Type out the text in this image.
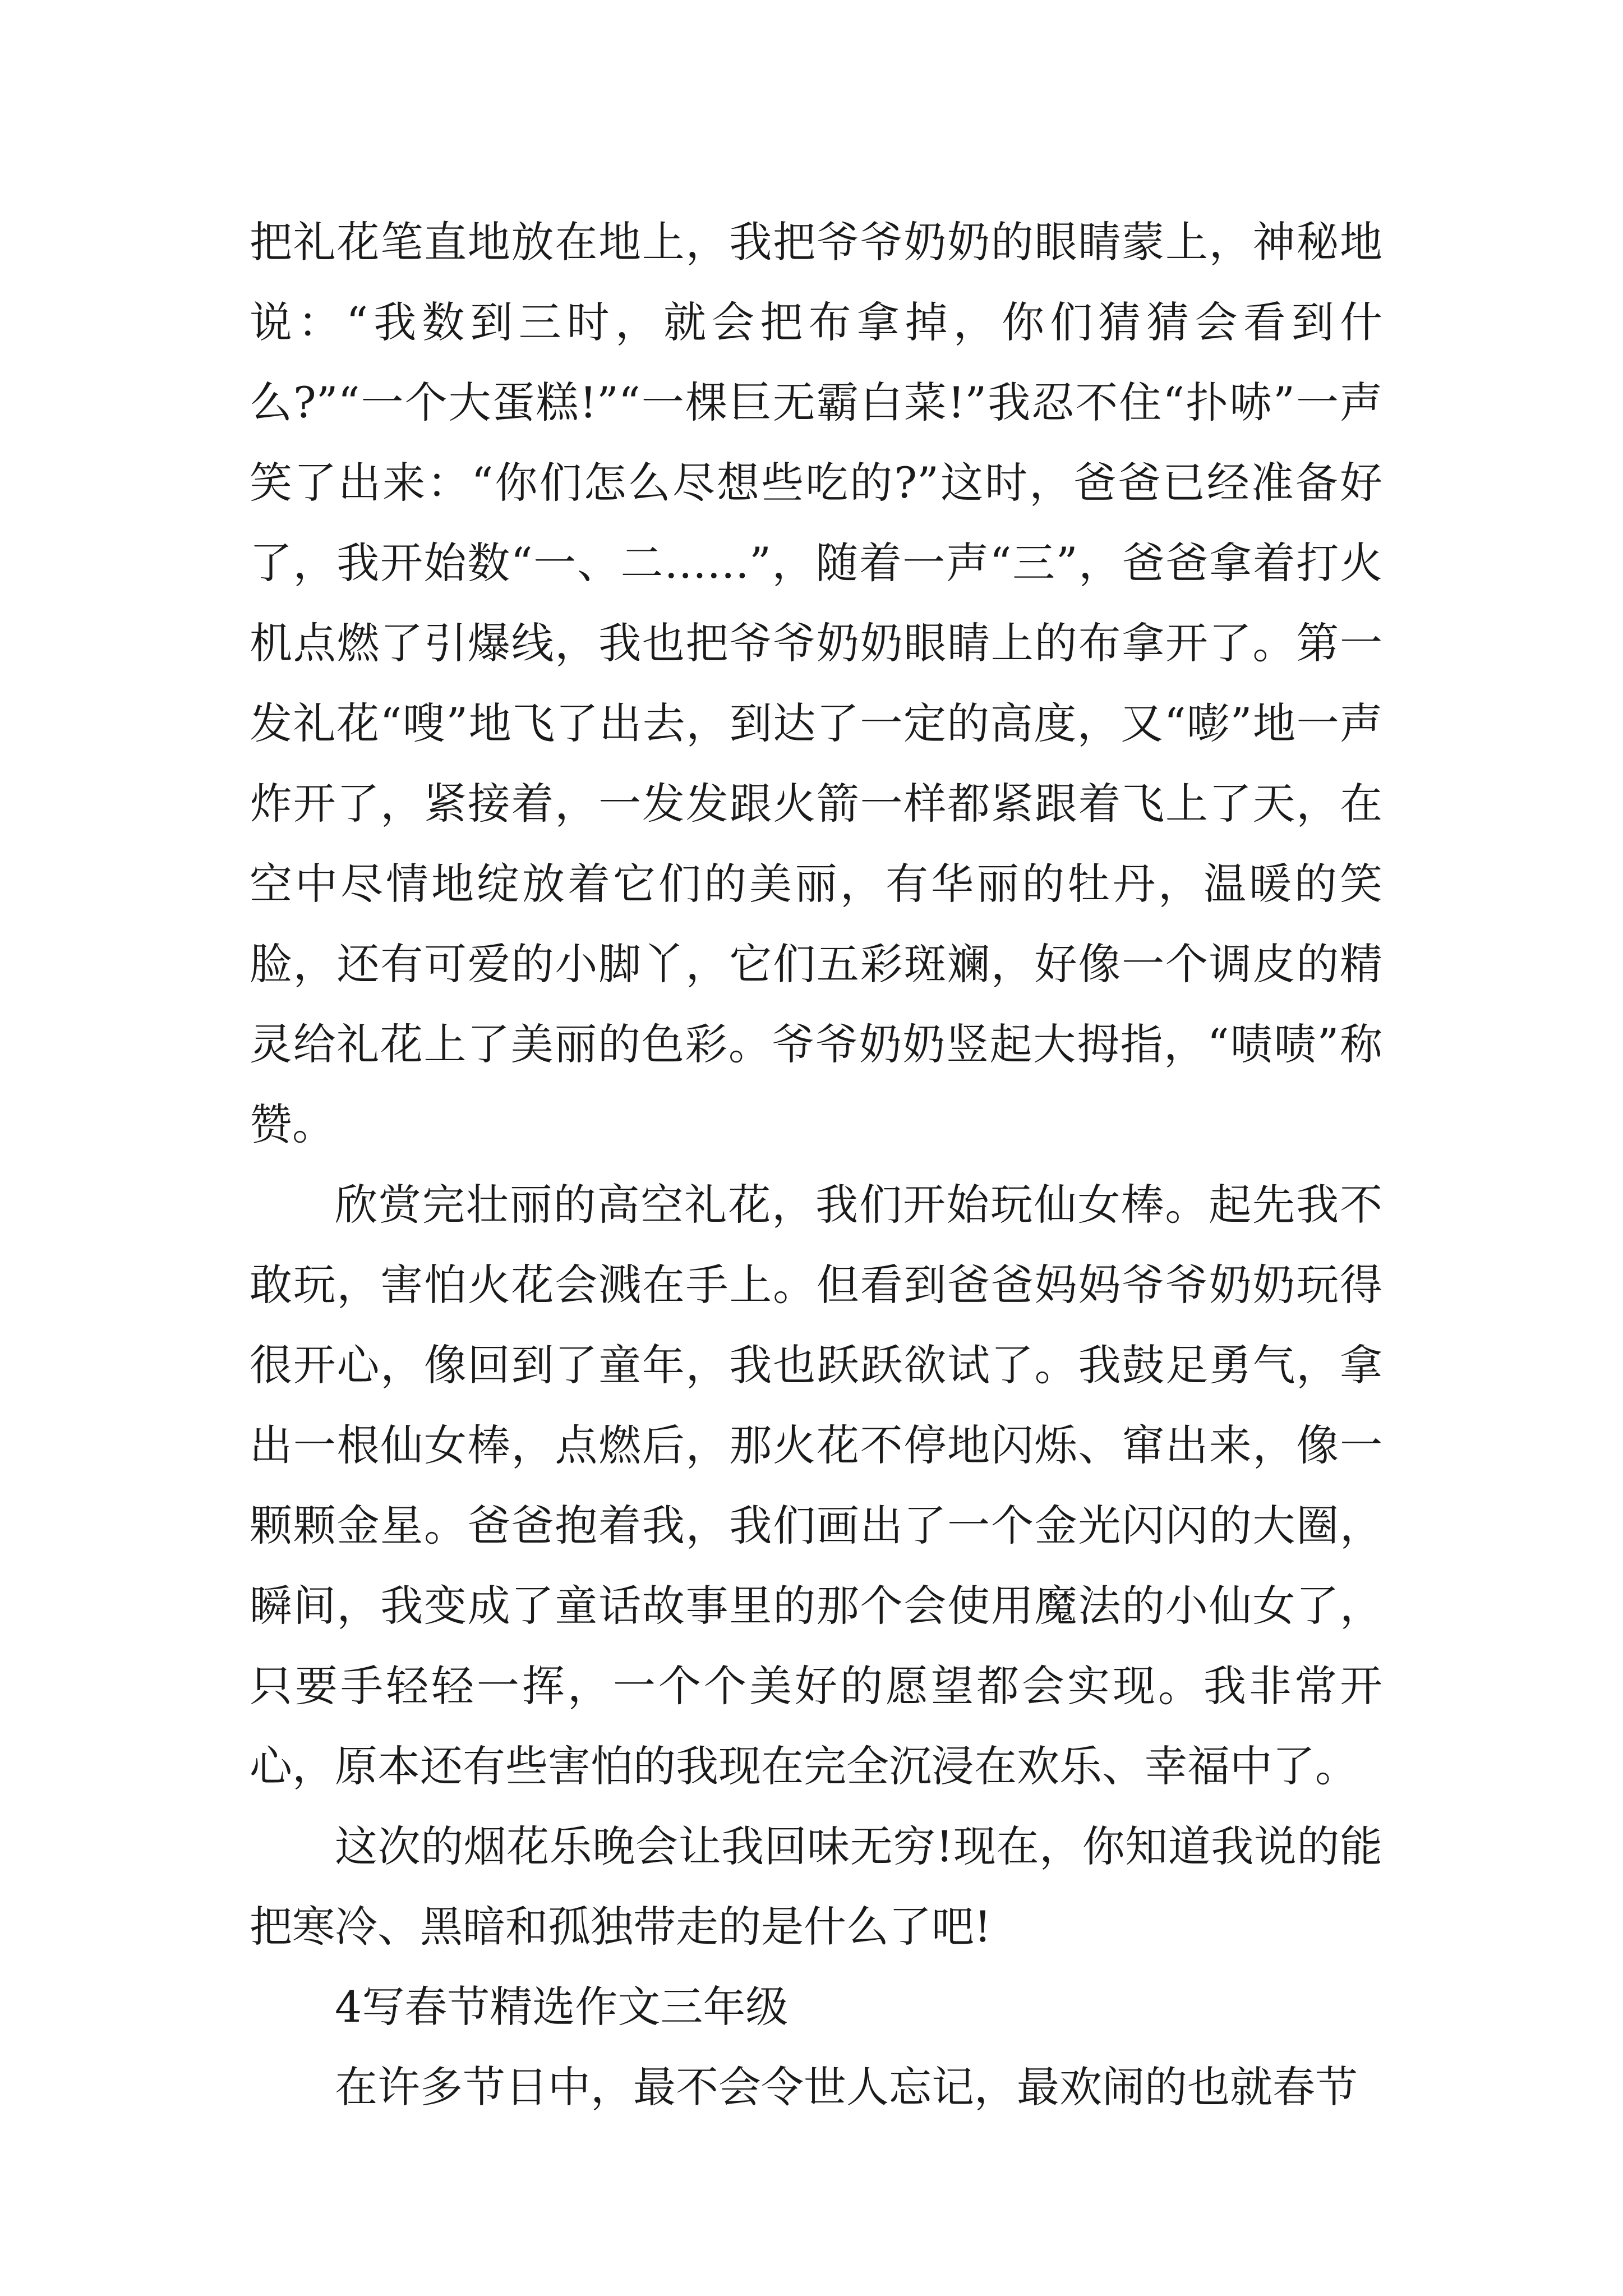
把礼花笔直地放在地上，我把爷爷奶奶的眼睛蒙上，神秘地说：“我数到三时，就会把布拿掉，你们猜猜会看到什么?”“一个大蛋糕!”“一棵巨无霸白菜!”我忍不住“扑哧”一声笑了出来：“你们怎么尽想些吃的?”这时，爸爸已经准备好了，我开始数“一、二……”，随着一声“三”，爸爸拿着打火机点燃了引爆线，我也把爷爷奶奶眼睛上的布拿开了。第一发礼花“嗖”地飞了出去，到达了一定的高度，又“嘭”地一声炸开了，紧接着，一发发跟火箭一样都紧跟着飞上了天，在空中尽情地绽放着它们的美丽，有华丽的牡丹，温暖的笑脸，还有可爱的小脚丫，它们五彩斑斓，好像一个调皮的精灵给礼花上了美丽的色彩。爷爷奶奶竖起大拇指，“啧啧”称赞。

欣赏完壮丽的高空礼花，我们开始玩仙女棒。起先我不敢玩，害怕火花会溅在手上。但看到爸爸妈妈爷爷奶奶玩得很开心，像回到了童年，我也跃跃欲试了。我鼓足勇气，拿出一根仙女棒，点燃后，那火花不停地闪烁、窜出来，像一颗颗金星。爸爸抱着我，我们画出了一个金光闪闪的大圈，瞬间，我变成了童话故事里的那个会使用魔法的小仙女了，只要手轻轻一挥，一个个美好的愿望都会实现。我非常开心，原本还有些害怕的我现在完全沉浸在欢乐、幸福中了。

这次的烟花乐晚会让我回味无穷!现在，你知道我说的能把寒冷、黑暗和孤独带走的是什么了吧!

4写春节精选作文三年级

在许多节日中，最不会令世人忘记，最欢闹的也就春节
